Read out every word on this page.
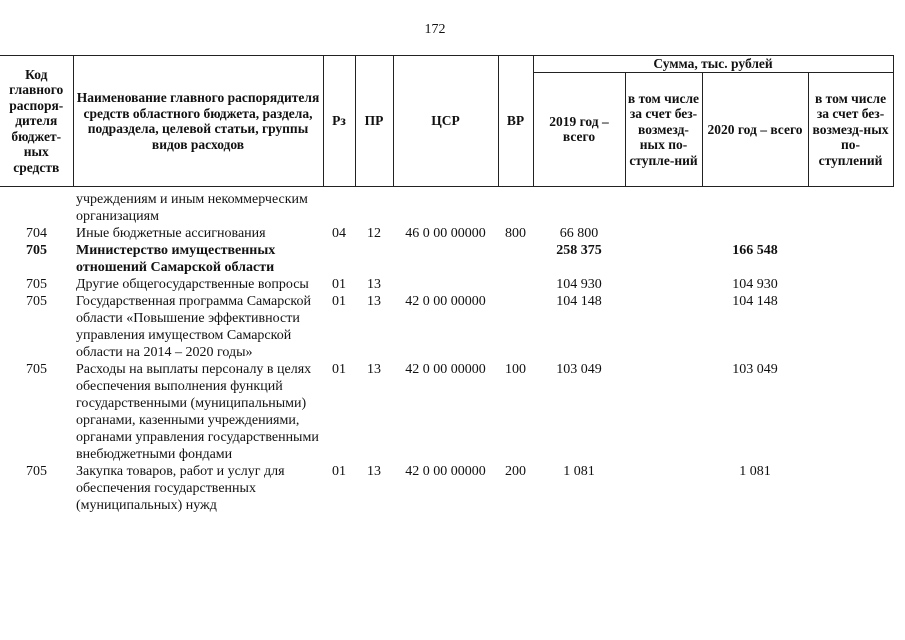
172
Код главного распоря-дителя бюджет-ных средств	Наименование главного распорядителя средств областного бюджета, раздела, подраздела, целевой статьи, группы видов расходов	Рз	ПР	ЦСР	ВР	Сумма, тыс. рублей			
						2019 год – всего	в том числе за счет без-возмезд-ных по-ступле-ний	2020 год – всего	в том числе за счет без-возмезд-ных по-ступлений
	учреждениям и иным некоммерческим организациям								
704	Иные бюджетные ассигнования	04	12	46 0 00 00000	800	66 800			
705	Министерство имущественных отношений Самарской области					258 375		166 548	
705	Другие общегосударственные вопросы	01	13			104 930		104 930	
705	Государственная программа Самарской области «Повышение эффективности управления имуществом Самарской области на 2014 – 2020 годы»	01	13	42 0 00 00000		104 148		104 148	
705	Расходы на выплаты персоналу в целях обеспечения выполнения функций государственными (муниципальными) органами, казенными учреждениями, органами управления государственными внебюджетными фондами	01	13	42 0 00 00000	100	103 049		103 049	
705	Закупка товаров, работ и услуг для обеспечения государственных (муниципальных) нужд	01	13	42 0 00 00000	200	1 081		1 081	
